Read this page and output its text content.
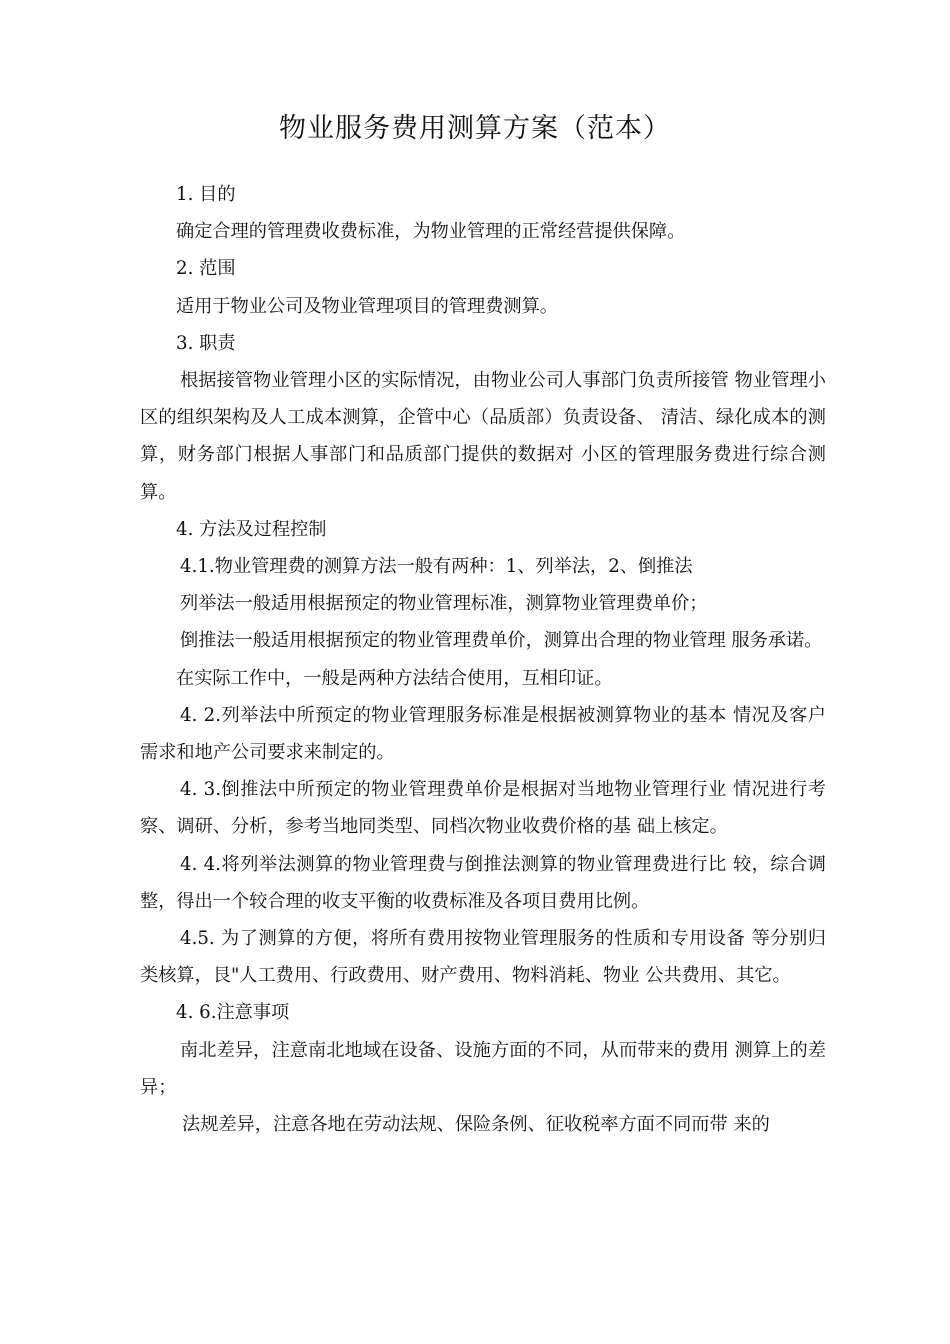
物业服务费用测算方案（范本）

1. 目的

确定合理的管理费收费标准，为物业管理的正常经营提供保障。

2. 范围

适用于物业公司及物业管理项目的管理费测算。

3. 职责

根据接管物业管理小区的实际情况，由物业公司人事部门负责所接管 物业管理小区的组织架构及人工成本测算，企管中心（品质部）负责设备、 清洁、绿化成本的测算，财务部门根据人事部门和品质部门提供的数据对 小区的管理服务费进行综合测算。

4. 方法及过程控制

4.1.物业管理费的测算方法一般有两种：1、列举法，2、倒推法

列举法一般适用根据预定的物业管理标准，测算物业管理费单价；

倒推法一般适用根据预定的物业管理费单价，测算出合理的物业管理 服务承诺。

在实际工作中，一般是两种方法结合使用，互相印证。

4. 2.列举法中所预定的物业管理服务标准是根据被测算物业的基本 情况及客户需求和地产公司要求来制定的。

4. 3.倒推法中所预定的物业管理费单价是根据对当地物业管理行业 情况进行考察、调研、分析，参考当地同类型、同档次物业收费价格的基 础上核定。

4. 4.将列举法测算的物业管理费与倒推法测算的物业管理费进行比 较，综合调整，得出一个较合理的收支平衡的收费标准及各项目费用比例。

4.5. 为了测算的方便，将所有费用按物业管理服务的性质和专用设备 等分别归类核算，艮"人工费用、行政费用、财产费用、物料消耗、物业 公共费用、其它。

4. 6.注意事项

南北差异，注意南北地域在设备、设施方面的不同，从而带来的费用 测算上的差异；

法规差异，注意各地在劳动法规、保险条例、征收税率方面不同而带 来的
